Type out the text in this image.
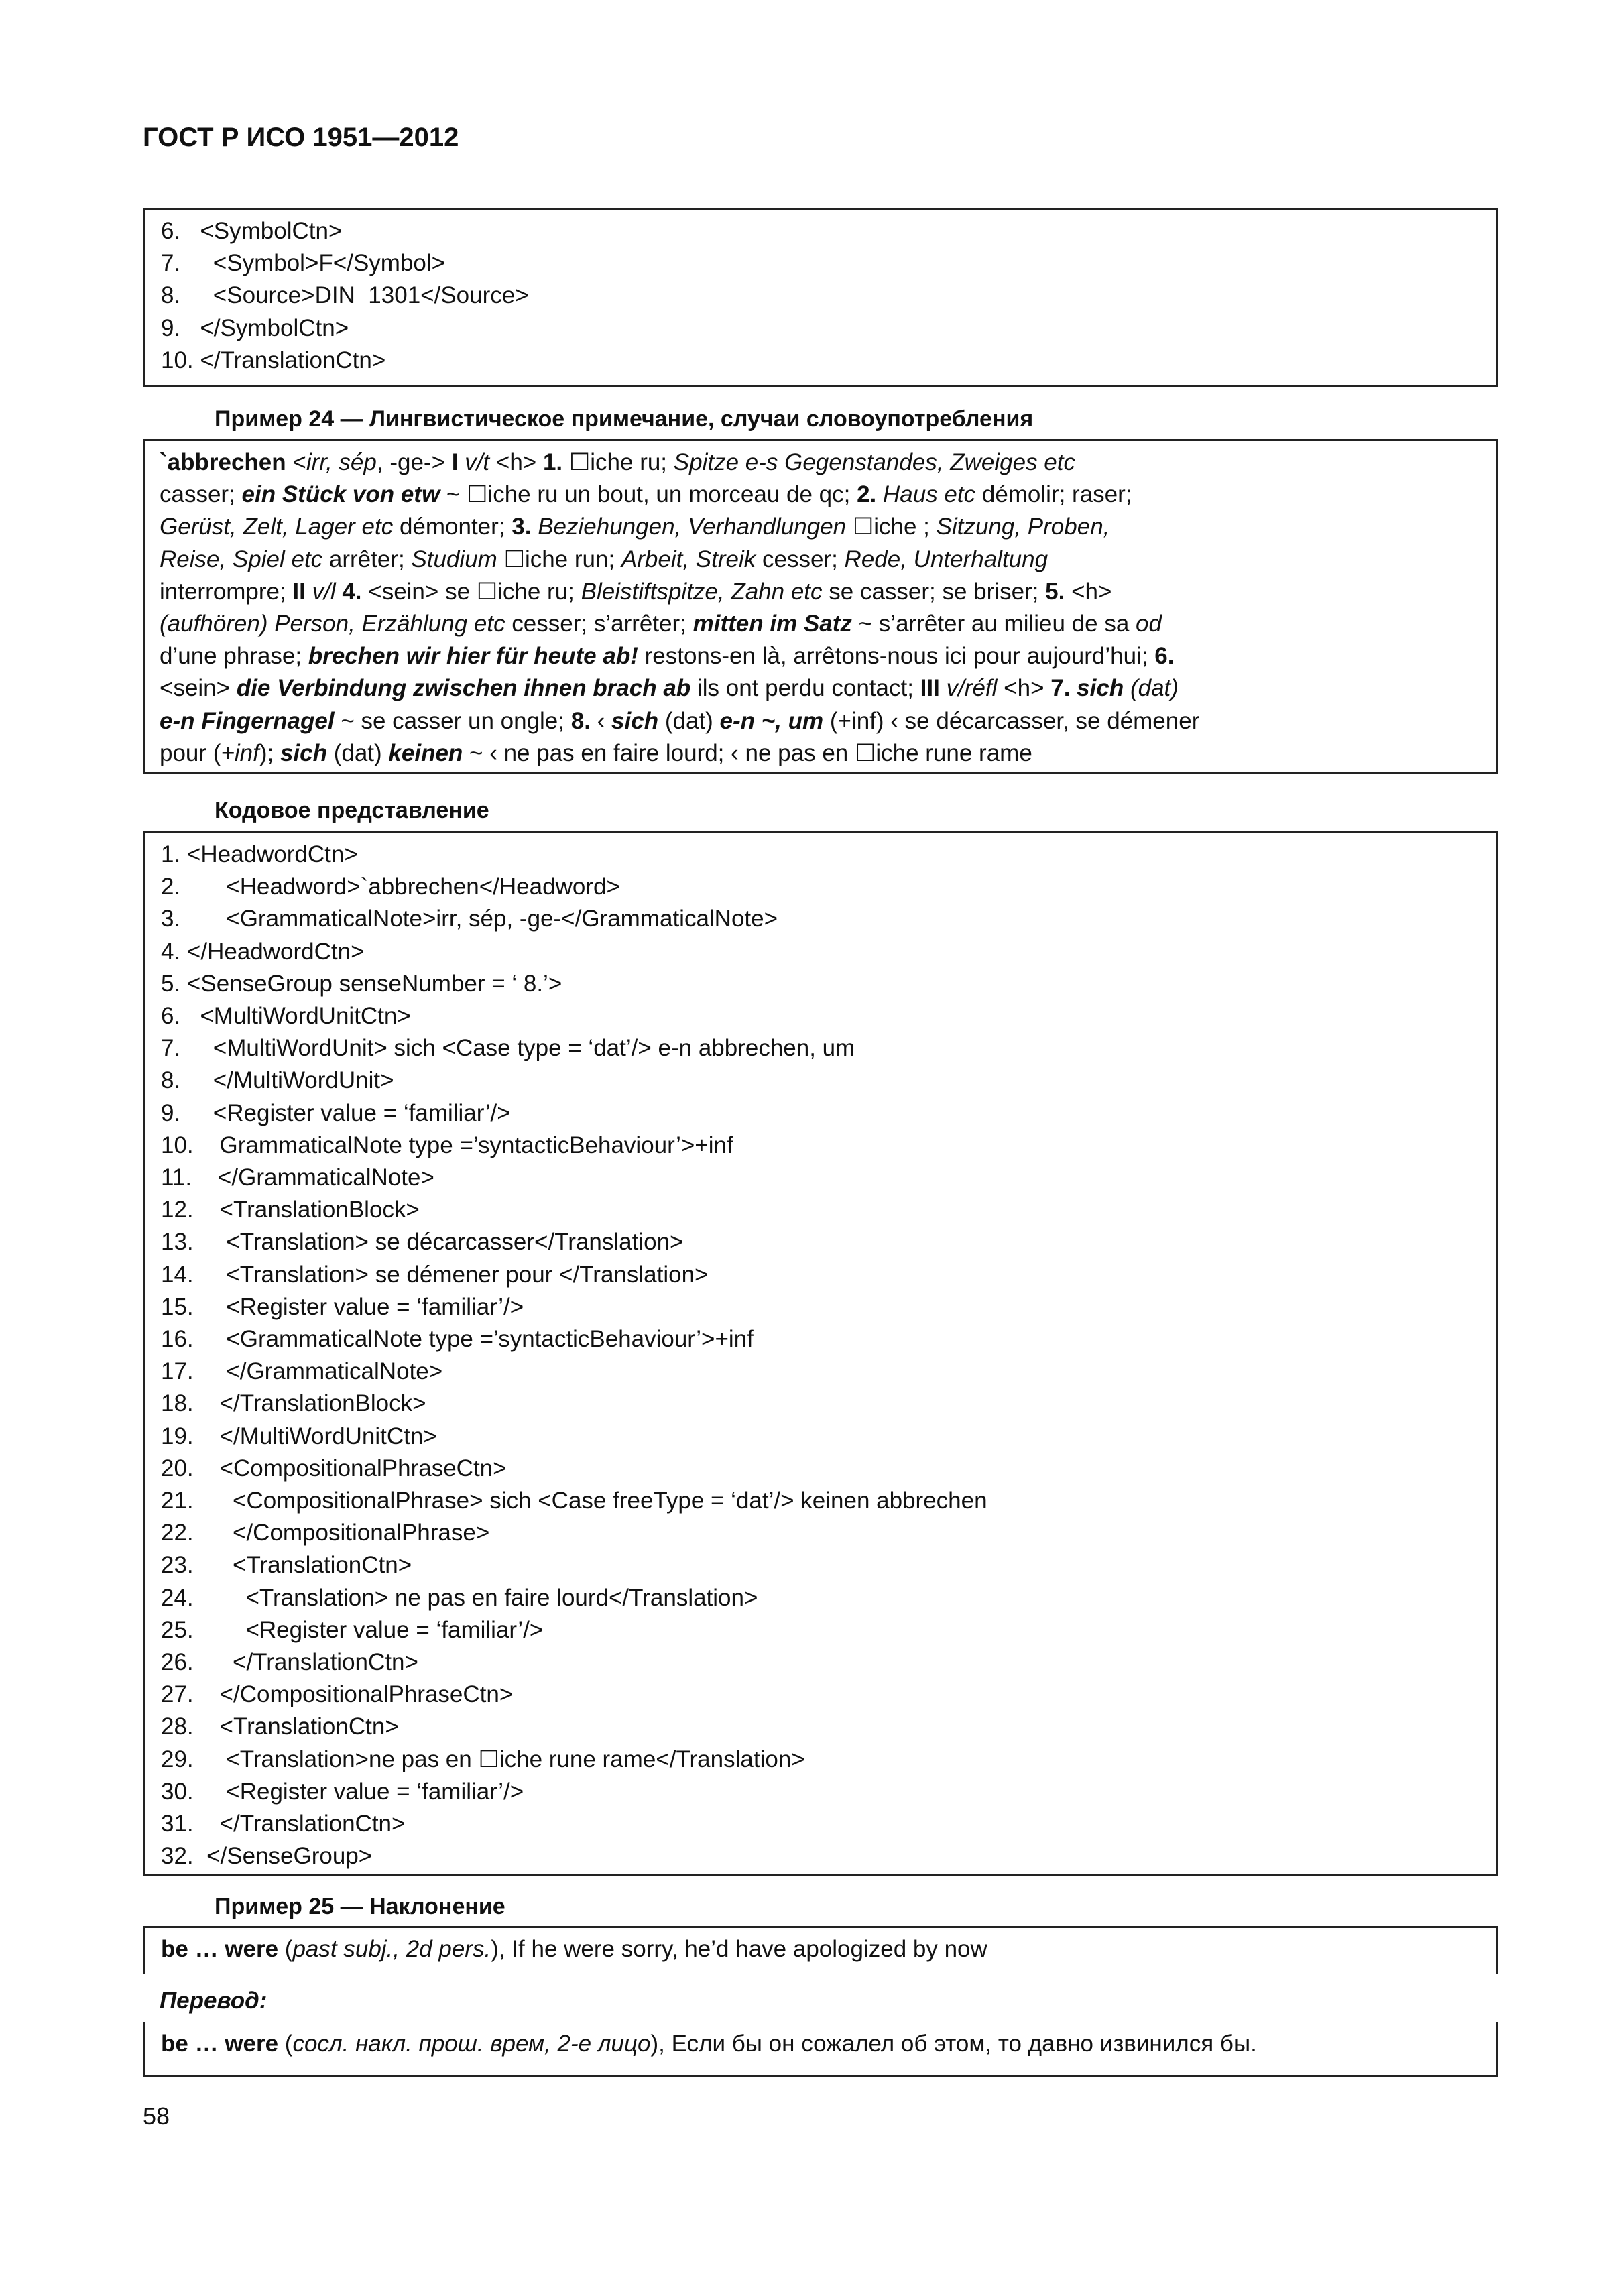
ГОСТ Р ИСО 1951—2012
6.   <SymbolCtn>
7.     <Symbol>F</Symbol>
8.     <Source>DIN  1301</Source>
9.   </SymbolCtn>
10. </TranslationCtn>
Пример 24 — Лингвистическое примечание, случаи словоупотребления
`abbrechen <irr, sép, -ge-> I v/t <h> 1. ☐iche ru; Spitze e-s Gegenstandes, Zweiges etc
casser; ein Stück von etw ~ ☐iche ru un bout, un morceau de qc; 2. Haus etc démolir; raser;
Gerüst, Zelt, Lager etc démonter; 3. Beziehungen, Verhandlungen ☐iche ; Sitzung, Proben,
Reise, Spiel etc arrêter; Studium ☐iche run; Arbeit, Streik cesser; Rede, Unterhaltung
interrompre; II v/l 4. <sein> se ☐iche ru; Bleistiftspitze, Zahn etc se casser; se briser; 5. <h>
(aufhören) Person, Erzählung etc cesser; s’arrêter; mitten im Satz ~ s’arrêter au milieu de sa od
d’une phrase; brechen wir hier für heute ab! restons-en là, arrêtons-nous ici pour aujourd’hui; 6.
<sein> die Verbindung zwischen ihnen brach ab ils ont perdu contact; III v/réfl <h> 7. sich (dat)
e-n Fingernagel ~ se casser un ongle; 8. ‹ sich (dat) e-n ~, um (+inf) ‹ se décarcasser, se démener
pour (+inf); sich (dat) keinen ~ ‹ ne pas en faire lourd; ‹ ne pas en ☐iche rune rame
Кодовое представление
1. <HeadwordCtn>
2.       <Headword>`abbrechen</Headword>
3.       <GrammaticalNote>irr, sép, -ge-</GrammaticalNote>
4. </HeadwordCtn>
5. <SenseGroup senseNumber = ‘ 8.’>
6.   <MultiWordUnitCtn>
7.     <MultiWordUnit> sich <Case type = ‘dat’/> e-n abbrechen, um
8.     </MultiWordUnit>
9.     <Register value = ‘familiar’/>
10.    GrammaticalNote type =’syntacticBehaviour’>+inf
11.    </GrammaticalNote>
12.    <TranslationBlock>
13.     <Translation> se décarcasser</Translation>
14.     <Translation> se démener pour </Translation>
15.     <Register value = ‘familiar’/>
16.     <GrammaticalNote type =’syntacticBehaviour’>+inf
17.     </GrammaticalNote>
18.    </TranslationBlock>
19.    </MultiWordUnitCtn>
20.    <CompositionalPhraseCtn>
21.      <CompositionalPhrase> sich <Case freeType = ‘dat’/> keinen abbrechen
22.      </CompositionalPhrase>
23.      <TranslationCtn>
24.        <Translation> ne pas en faire lourd</Translation>
25.        <Register value = ‘familiar’/>
26.      </TranslationCtn>
27.    </CompositionalPhraseCtn>
28.    <TranslationCtn>
29.     <Translation>ne pas en ☐iche rune rame</Translation>
30.     <Register value = ‘familiar’/>
31.    </TranslationCtn>
32.  </SenseGroup>
Пример 25 — Наклонение
be … were (past subj., 2d pers.), If he were sorry, he’d have apologized by now
Перевод:
be … were (сосл. накл. прош. врем, 2-е лицо), Если бы он сожалел об этом, то давно извинился бы.
58
